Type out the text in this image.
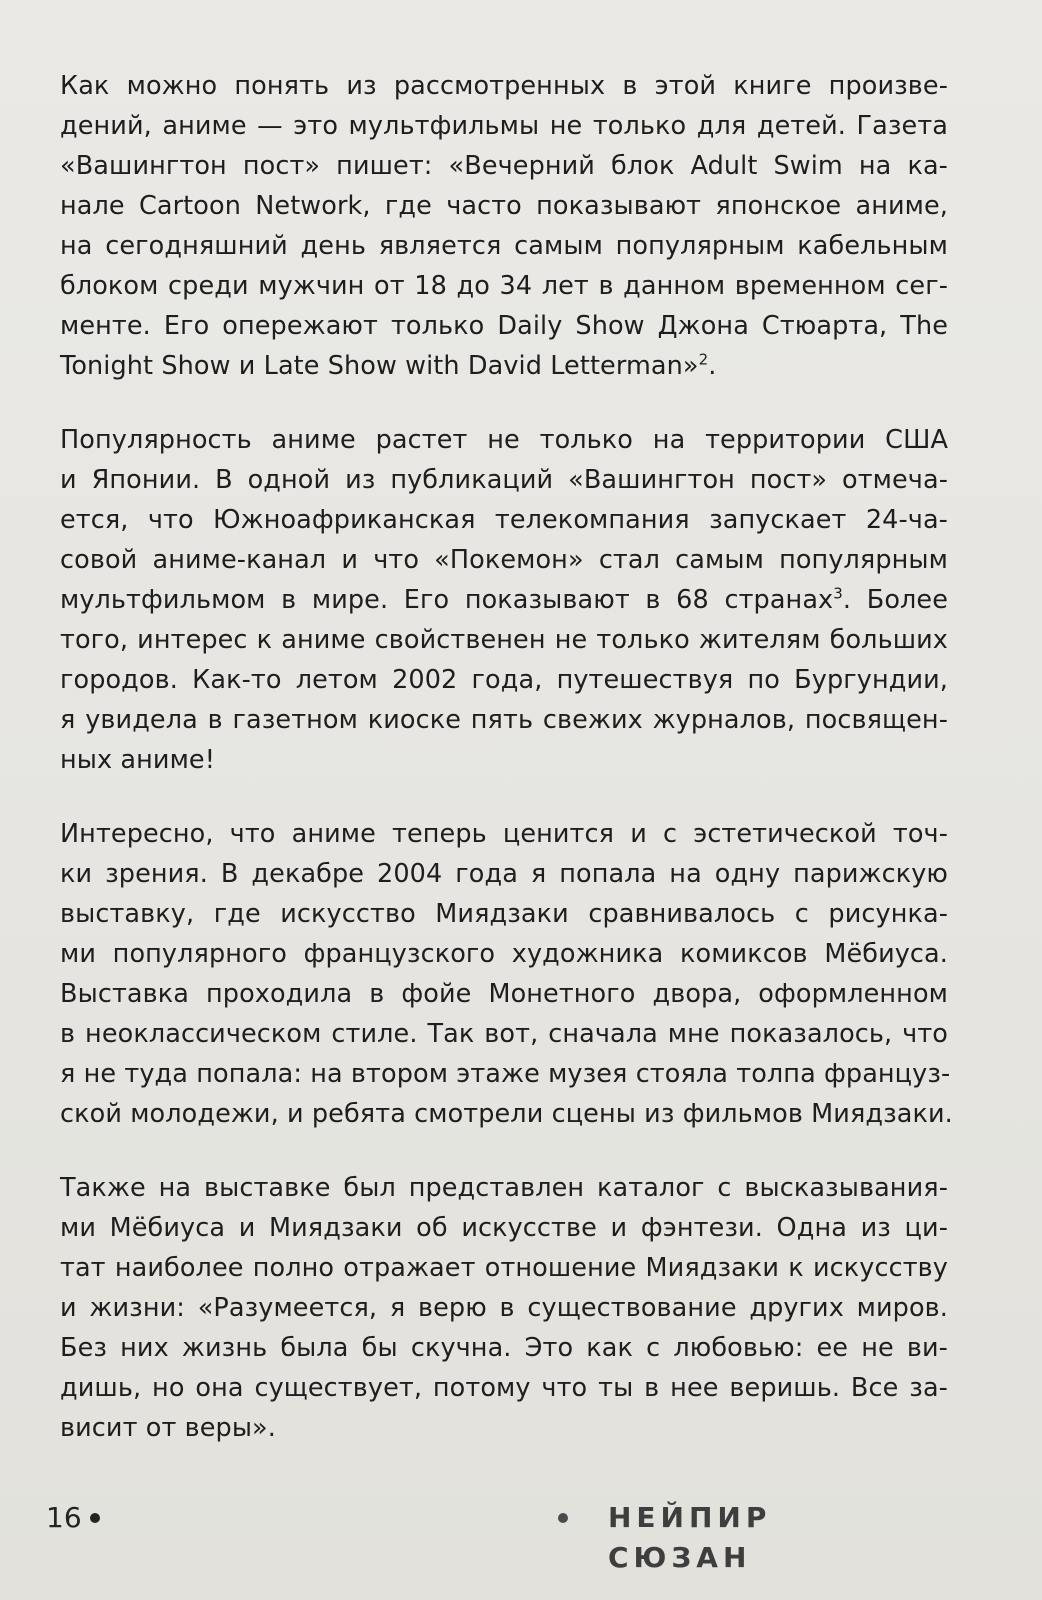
Как можно понять из рассмотренных в этой книге произве-
дений, аниме — это мультфильмы не только для детей. Газета
«Вашингтон пост» пишет: «Вечерний блок Adult Swim на ка-
нале Cartoon Network, где часто показывают японское аниме,
на сегодняшний день является самым популярным кабельным
блоком среди мужчин от 18 до 34 лет в данном временном сег-
менте. Его опережают только Daily Show Джона Стюарта, The
Tonight Show и Late Show with David Letterman»$^2$.

Популярность аниме растет не только на территории США
и Японии. В одной из публикаций «Вашингтон пост» отмеча-
ется, что Южноафриканская телекомпания запускает 24-ча-
совой аниме-канал и что «Покемон» стал самым популярным
мультфильмом в мире. Его показывают в 68 странах$^3$. Более
того, интерес к аниме свойственен не только жителям больших
городов. Как-то летом 2002 года, путешествуя по Бургундии,
я увидела в газетном киоске пять свежих журналов, посвящен-
ных аниме!

Интересно, что аниме теперь ценится и с эстетической точ-
ки зрения. В декабре 2004 года я попала на одну парижскую
выставку, где искусство Миядзаки сравнивалось с рисунка-
ми популярного французского художника комиксов Мёбиуса.
Выставка проходила в фойе Монетного двора, оформленном
в неоклассическом стиле. Так вот, сначала мне показалось, что
я не туда попала: на втором этаже музея стояла толпа француз-
ской молодежи, и ребята смотрели сцены из фильмов Миядзаки.

Также на выставке был представлен каталог с высказывания-
ми Мёбиуса и Миядзаки об искусстве и фэнтези. Одна из ци-
тат наиболее полно отражает отношение Миядзаки к искусству
и жизни: «Разумеется, я верю в существование других миров.
Без них жизнь была бы скучна. Это как с любовью: ее не ви-
дишь, но она существует, потому что ты в нее веришь. Все за-
висит от веры».

16	НЕЙПИР СЮЗАН
